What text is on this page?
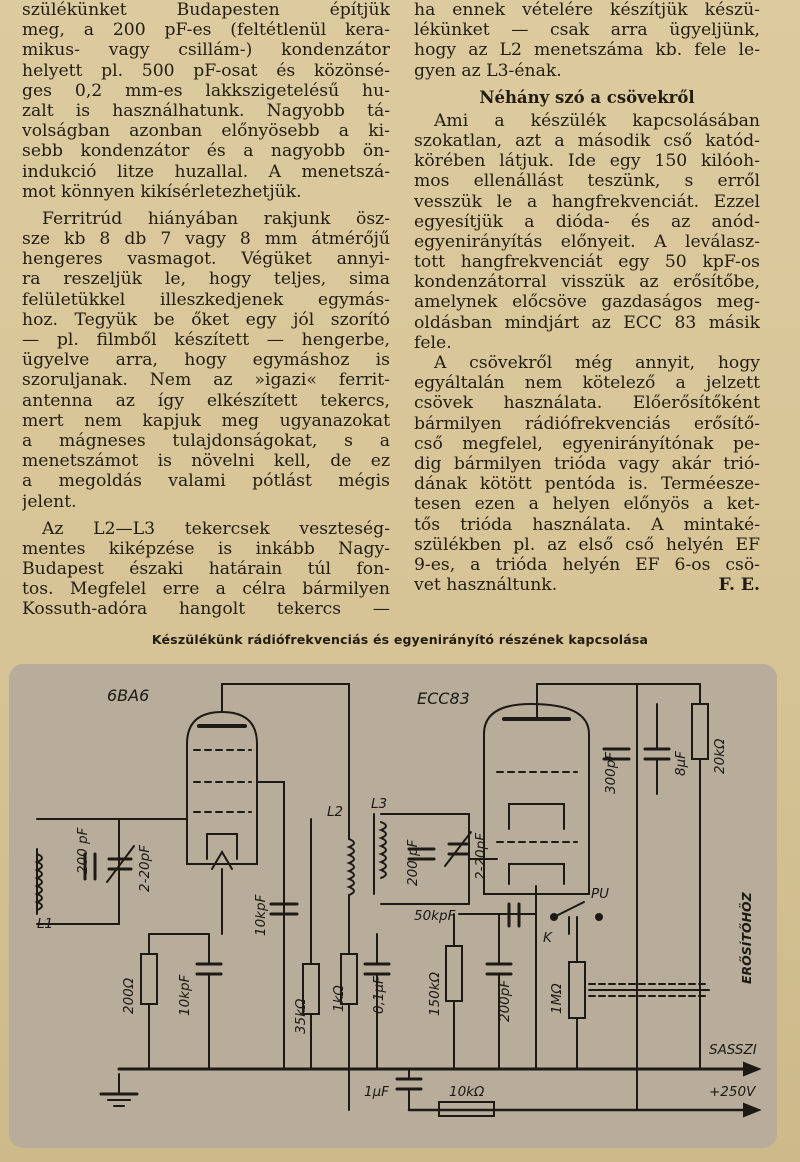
szülékünket Budapesten építjük
meg, a 200 pF-es (feltétlenül kera-
mikus- vagy csillám-) kondenzátor
helyett pl. 500 pF-osat és közönsé-
ges 0,2 mm-es lakkszigetelésű hu-
zalt is használhatunk. Nagyobb tá-
volságban azonban előnyösebb a ki-
sebb kondenzátor és a nagyobb ön-
indukció litze huzallal. A menetszá-
mot könnyen kikísérletezhetjük.
Ferritrúd hiányában rakjunk ösz-
sze kb 8 db 7 vagy 8 mm átmérőjű
hengeres vasmagot. Végüket annyi-
ra reszeljük le, hogy teljes, sima
felületükkel illeszkedjenek egymás-
hoz. Tegyük be őket egy jól szorító
— pl. filmből készített — hengerbe,
ügyelve arra, hogy egymáshoz is
szoruljanak. Nem az »igazi« ferrit-
antenna az így elkészített tekercs,
mert nem kapjuk meg ugyanazokat
a mágneses tulajdonságokat, s a
menetszámot is növelni kell, de ez
a megoldás valami pótlást mégis
jelent.
Az L2—L3 tekercsek veszteség-
mentes kiképzése is inkább Nagy-
Budapest északi határain túl fon-
tos. Megfelel erre a célra bármilyen
Kossuth-adóra hangolt tekercs —
ha ennek vételére készítjük készü-
lékünket — csak arra ügyeljünk,
hogy az L2 menetszáma kb. fele le-
gyen az L3-énak.
Néhány szó a csövekről
Ami a készülék kapcsolásában
szokatlan, azt a második cső katód-
körében látjuk. Ide egy 150 kilóoh-
mos ellenállást teszünk, s erről
vesszük le a hangfrekvenciát. Ezzel
egyesítjük a dióda- és az anód-
egyenirányítás előnyeit. A leválasz-
tott hangfrekvenciát egy 50 kpF-os
kondenzátorral visszük az erősítőbe,
amelynek előcsöve gazdaságos meg-
oldásban mindjárt az ECC 83 másik
fele.
A csövekről még annyit, hogy
egyáltalán nem kötelező a jelzett
csövek használata. Előerősítőként
bármilyen rádiófrekvenciás erősítő-
cső megfelel, egyenirányítónak pe-
dig bármilyen trióda vagy akár trió-
dának kötött pentóda is. Terméesze-
tesen ezen a helyen előnyös a ket-
tős trióda használata. A mintaké-
szülékben pl. az első cső helyén EF
9-es, a trióda helyén EF 6-os csö-
vet használtunk.	F. E.
Készülékünk rádiófrekvenciás és egyenirányító részének kapcsolása
6BA6	ECC83
L1
L2 L3
200 pF	2-20pF
10kpF
200Ω	10kpF
35kΩ
1kΩ 0,1μF
200 pF	2-20pF
50kpF
K
PU
150kΩ	200pF	1MΩ
300pF	8μF 20kΩ
ERŐSÍTŐHÖZ
SASSZI
1μF	10kΩ	+250V
